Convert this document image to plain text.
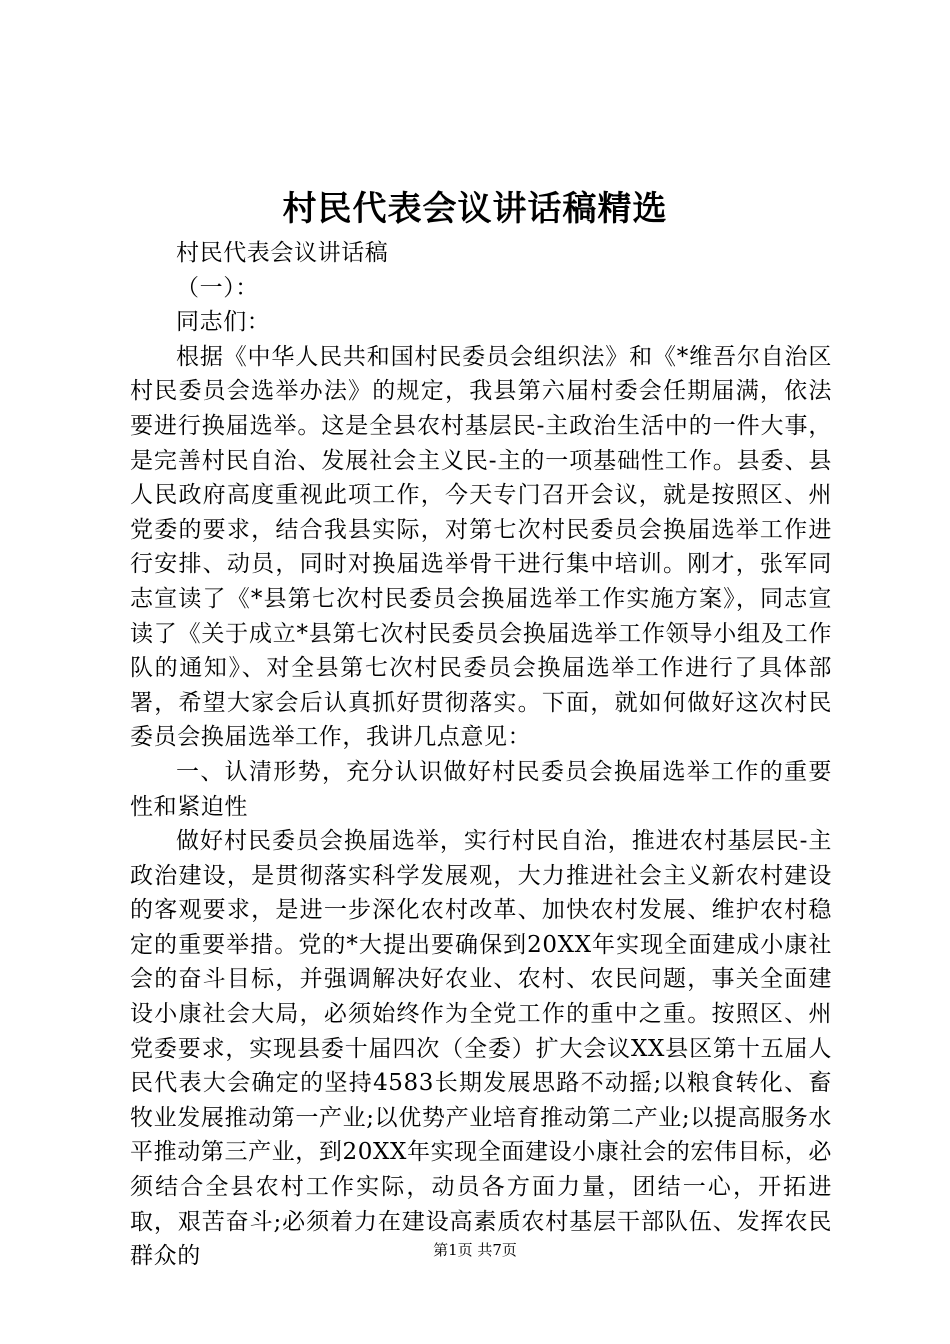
村民代表会议讲话稿精选

村民代表会议讲话稿

（一）：

同志们：

根据《中华人民共和国村民委员会组织法》和《*维吾尔自治区村民委员会选举办法》的规定，我县第六届村委会任期届满，依法要进行换届选举。这是全县农村基层民-主政治生活中的一件大事，是完善村民自治、发展社会主义民-主的一项基础性工作。县委、县人民政府高度重视此项工作，今天专门召开会议，就是按照区、州党委的要求，结合我县实际，对第七次村民委员会换届选举工作进行安排、动员，同时对换届选举骨干进行集中培训。刚才，张军同志宣读了《*县第七次村民委员会换届选举工作实施方案》，同志宣读了《关于成立*县第七次村民委员会换届选举工作领导小组及工作队的通知》、对全县第七次村民委员会换届选举工作进行了具体部署，希望大家会后认真抓好贯彻落实。下面，就如何做好这次村民委员会换届选举工作，我讲几点意见：

一、认清形势，充分认识做好村民委员会换届选举工作的重要性和紧迫性

做好村民委员会换届选举，实行村民自治，推进农村基层民-主政治建设，是贯彻落实科学发展观，大力推进社会主义新农村建设的客观要求，是进一步深化农村改革、加快农村发展、维护农村稳定的重要举措。党的*大提出要确保到20XX年实现全面建成小康社会的奋斗目标，并强调解决好农业、农村、农民问题，事关全面建设小康社会大局，必须始终作为全党工作的重中之重。按照区、州党委要求，实现县委十届四次（全委）扩大会议XX县区第十五届人民代表大会确定的坚持4583长期发展思路不动摇;以粮食转化、畜牧业发展推动第一产业;以优势产业培育推动第二产业;以提高服务水平推动第三产业，到20XX年实现全面建设小康社会的宏伟目标，必须结合全县农村工作实际，动员各方面力量，团结一心，开拓进取，艰苦奋斗;必须着力在建设高素质农村基层干部队伍、发挥农民群众的	第1页 共7页
